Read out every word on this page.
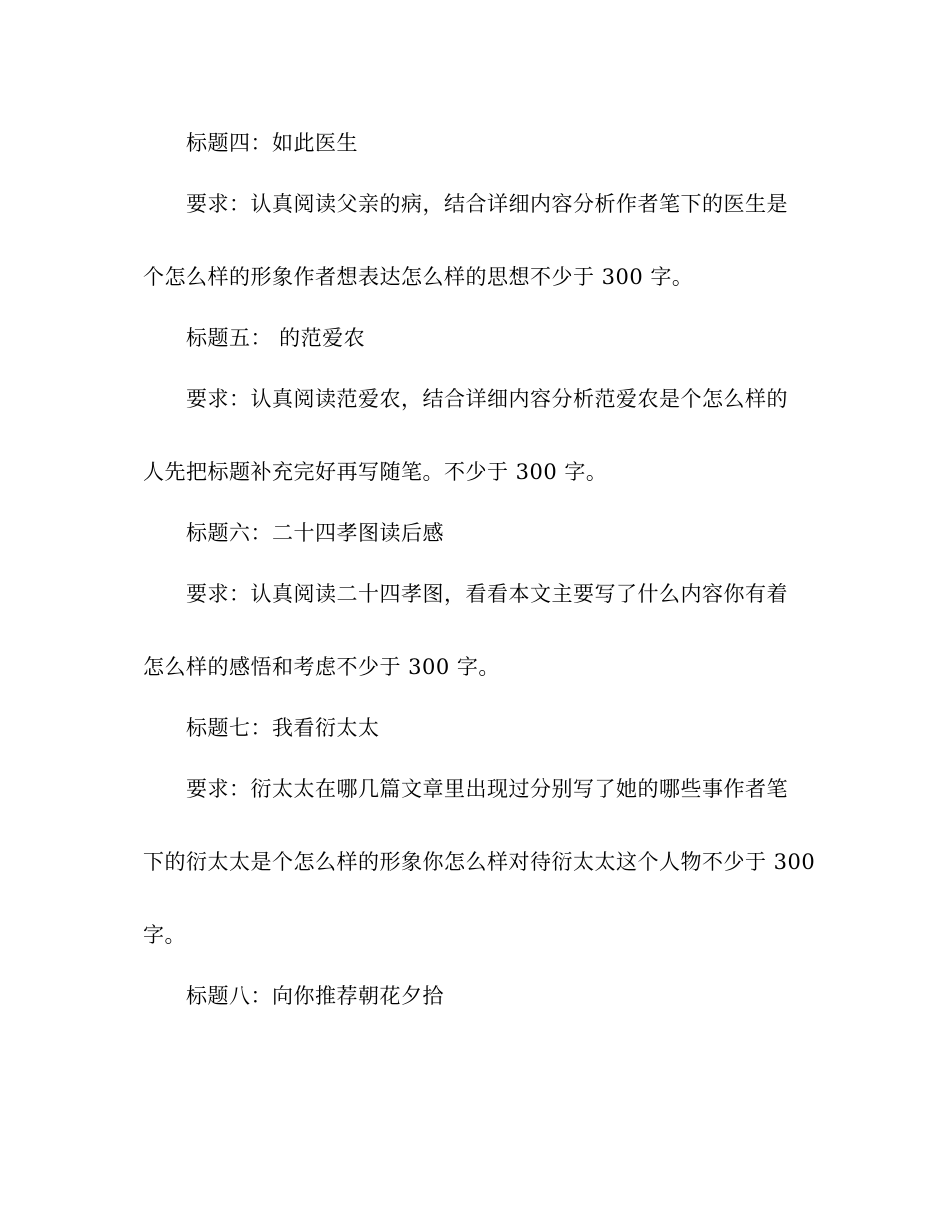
标题四：如此医生
要求：认真阅读父亲的病，结合详细内容分析作者笔下的医生是
个怎么样的形象作者想表达怎么样的思想不少于 300 字。
标题五： 的范爱农
要求：认真阅读范爱农，结合详细内容分析范爱农是个怎么样的
人先把标题补充完好再写随笔。不少于 300 字。
标题六：二十四孝图读后感
要求：认真阅读二十四孝图，看看本文主要写了什么内容你有着
怎么样的感悟和考虑不少于 300 字。
标题七：我看衍太太
要求：衍太太在哪几篇文章里出现过分别写了她的哪些事作者笔
下的衍太太是个怎么样的形象你怎么样对待衍太太这个人物不少于 300
字。
标题八：向你推荐朝花夕拾
